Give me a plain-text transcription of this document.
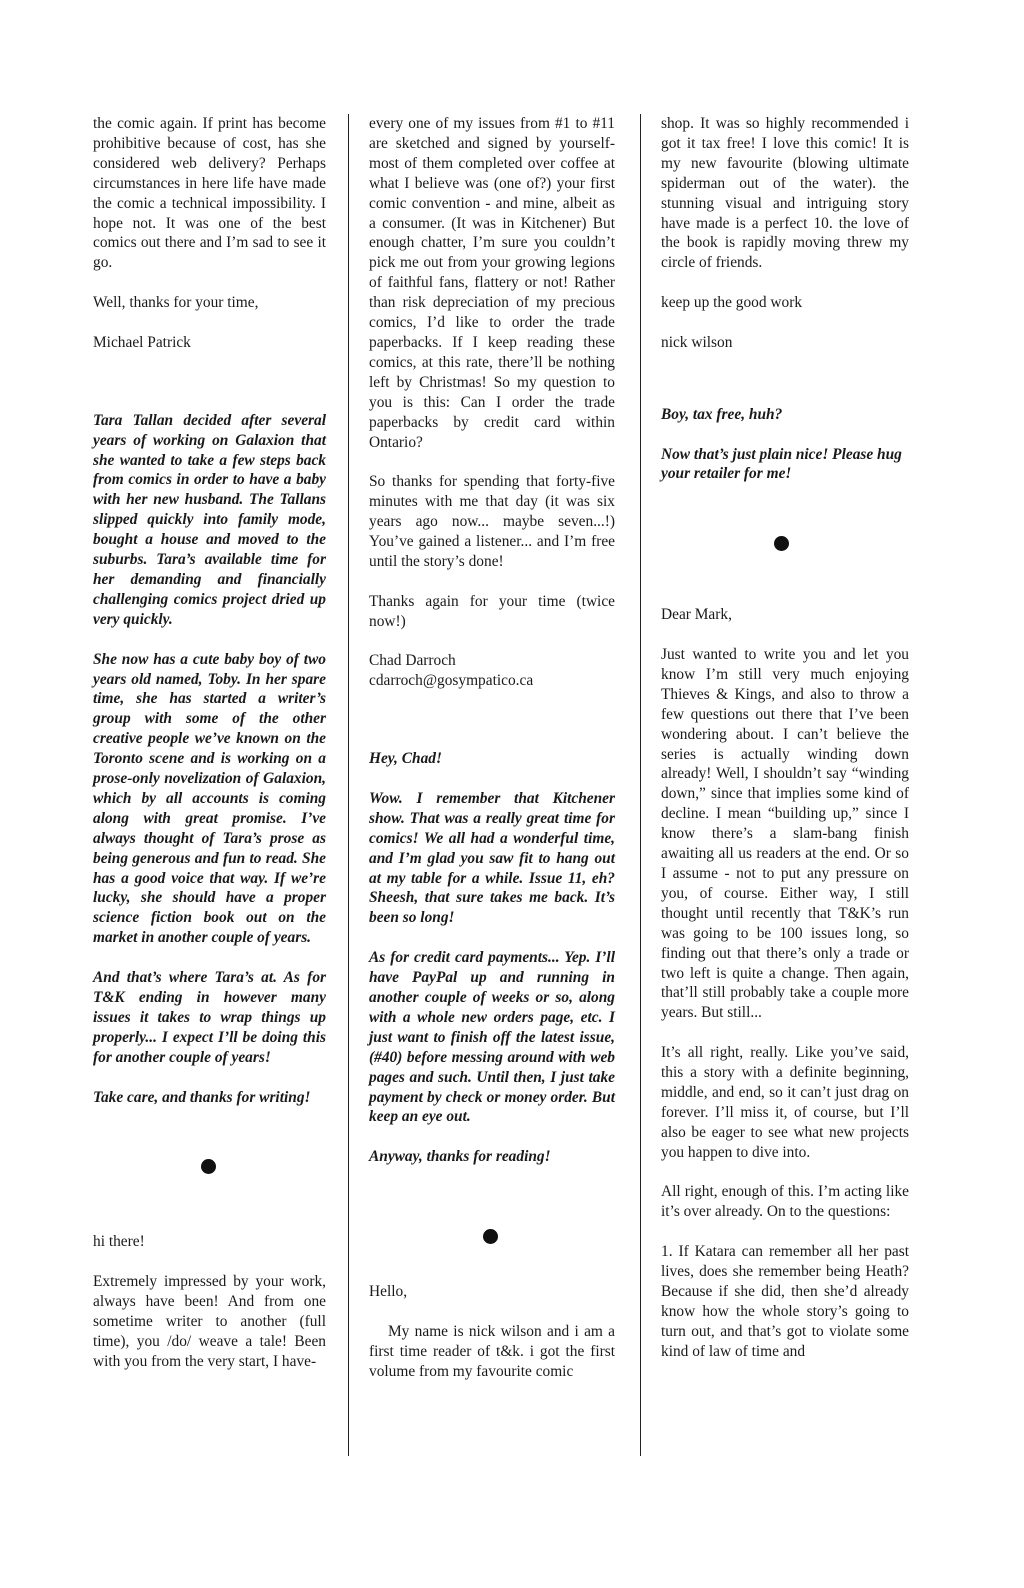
the comic again. If print has become prohibitive because of cost, has she considered web delivery? Perhaps circumstances in here life have made the comic a technical impossibility. I hope not. It was one of the best comics out there and I’m sad to see it go.

Well, thanks for your time,

Michael Patrick

Tara Tallan decided after several years of working on Galaxion that she wanted to take a few steps back from comics in order to have a baby with her new husband. The Tallans slipped quickly into family mode, bought a house and moved to the suburbs. Tara’s available time for her demanding and financially challenging comics project dried up very quickly.

She now has a cute baby boy of two years old named, Toby. In her spare time, she has started a writer’s group with some of the other creative people we’ve known on the Toronto scene and is working on a prose-only novelization of Galaxion, which by all accounts is coming along with great promise. I’ve always thought of Tara’s prose as being generous and fun to read. She has a good voice that way. If we’re lucky, she should have a proper science fiction book out on the market in another couple of years.

And that’s where Tara’s at. As for T&K ending in however many issues it takes to wrap things up properly... I expect I’ll be doing this for another couple of years!

Take care, and thanks for writing!

hi there!

Extremely impressed by your work, always have been! And from one sometime writer to another (full time), you /do/ weave a tale! Been with you from the very start, I have-

every one of my issues from #1 to #11 are sketched and signed by yourself- most of them completed over coffee at what I believe was (one of?) your first comic convention - and mine, albeit as a consumer. (It was in Kitchener) But enough chatter, I’m sure you couldn’t pick me out from your growing legions of faithful fans, flattery or not! Rather than risk depreciation of my precious comics, I’d like to order the trade paperbacks. If I keep reading these comics, at this rate, there’ll be nothing left by Christmas! So my question to you is this: Can I order the trade paperbacks by credit card within Ontario?

So thanks for spending that forty-five minutes with me that day (it was six years ago now... maybe seven...!) You’ve gained a listener... and I’m free until the story’s done!

Thanks again for your time (twice now!)

Chad Darroch
cdarroch@gosympatico.ca

Hey, Chad!

Wow. I remember that Kitchener show. That was a really great time for comics! We all had a wonderful time, and I’m glad you saw fit to hang out at my table for a while. Issue 11, eh? Sheesh, that sure takes me back. It’s been so long!

As for credit card payments... Yep. I’ll have PayPal up and running in another couple of weeks or so, along with a whole new orders page, etc. I just want to finish off the latest issue, (#40) before messing around with web pages and such. Until then, I just take payment by check or money order. But keep an eye out.

Anyway, thanks for reading!

Hello,

My name is nick wilson and i am a first time reader of t&k. i got the first volume from my favourite comic

shop. It was so highly recommended i got it tax free! I love this comic! It is my new favourite (blowing ultimate spiderman out of the water). the stunning visual and intriguing story have made is a perfect 10. the love of the book is rapidly moving threw my circle of friends.

keep up the good work

nick wilson

Boy, tax free, huh?

Now that’s just plain nice! Please hug your retailer for me!

Dear Mark,

Just wanted to write you and let you know I’m still very much enjoying Thieves & Kings, and also to throw a few questions out there that I’ve been wondering about. I can’t believe the series is actually winding down already! Well, I shouldn’t say “winding down,” since that implies some kind of decline. I mean “building up,” since I know there’s a slam-bang finish awaiting all us readers at the end. Or so I assume - not to put any pressure on you, of course. Either way, I still thought until recently that T&K’s run was going to be 100 issues long, so finding out that there’s only a trade or two left is quite a change. Then again, that’ll still probably take a couple more years. But still...

It’s all right, really. Like you’ve said, this a story with a definite beginning, middle, and end, so it can’t just drag on forever. I’ll miss it, of course, but I’ll also be eager to see what new projects you happen to dive into.

All right, enough of this. I’m acting like it’s over already. On to the questions:

1. If Katara can remember all her past lives, does she remember being Heath? Because if she did, then she’d already know how the whole story’s going to turn out, and that’s got to violate some kind of law of time and
